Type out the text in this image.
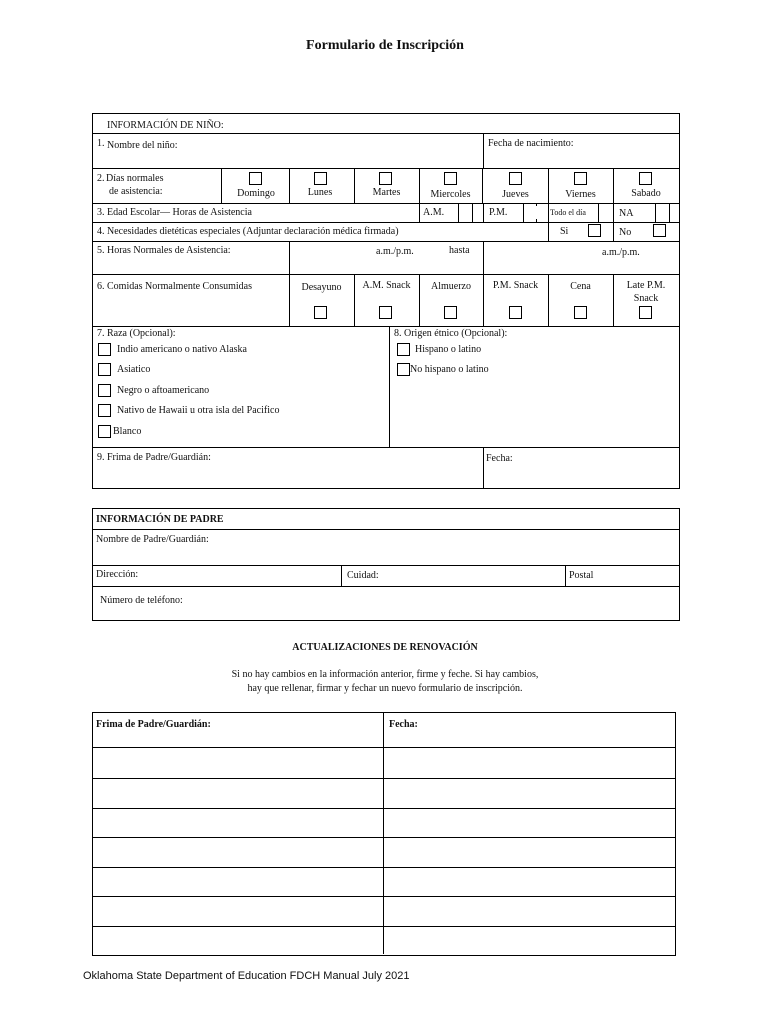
Formulario de Inscripción
INFORMACIÓN DE NIÑO:
1. Nombre del niño:	Fecha de nacimiento:
2. Días normales
de asistencia:	Domingo	Lunes	Martes	Miercoles	Jueves	Viernes	Sabado
3. Edad Escolar— Horas de Asistencia	A.M.	P.M.	Todo el día	NA
4. Necesidades dietéticas especiales (Adjuntar declaración médica firmada)	Si	No
5. Horas Normales de Asistencia:	a.m./p.m.	hasta	a.m./p.m.
6. Comidas Normalmente Consumidas	Desayuno	A.M. Snack	Almuerzo	P.M. Snack	Cena	Late P.M.
Snack
7. Raza (Opcional):
Indio americano o nativo Alaska
Asiatico
Negro o aftoamericano
Nativo de Hawaii u otra isla del Pacifico
Blanco
8. Origen étnico (Opcional):
Hispano o latino
No hispano o latino
9. Frima de Padre/Guardián:	Fecha:
INFORMACIÓN DE PADRE
Nombre de Padre/Guardián:
Dirección:	Cuidad:	Postal
Número de teléfono:
ACTUALIZACIONES DE RENOVACIÓN
Si no hay cambios en la información anterior, firme y feche. Si hay cambios,
hay que rellenar, firmar y fechar un nuevo formulario de inscripción.
Frima de Padre/Guardián:	Fecha:
Oklahoma State Department of Education FDCH Manual July 2021
